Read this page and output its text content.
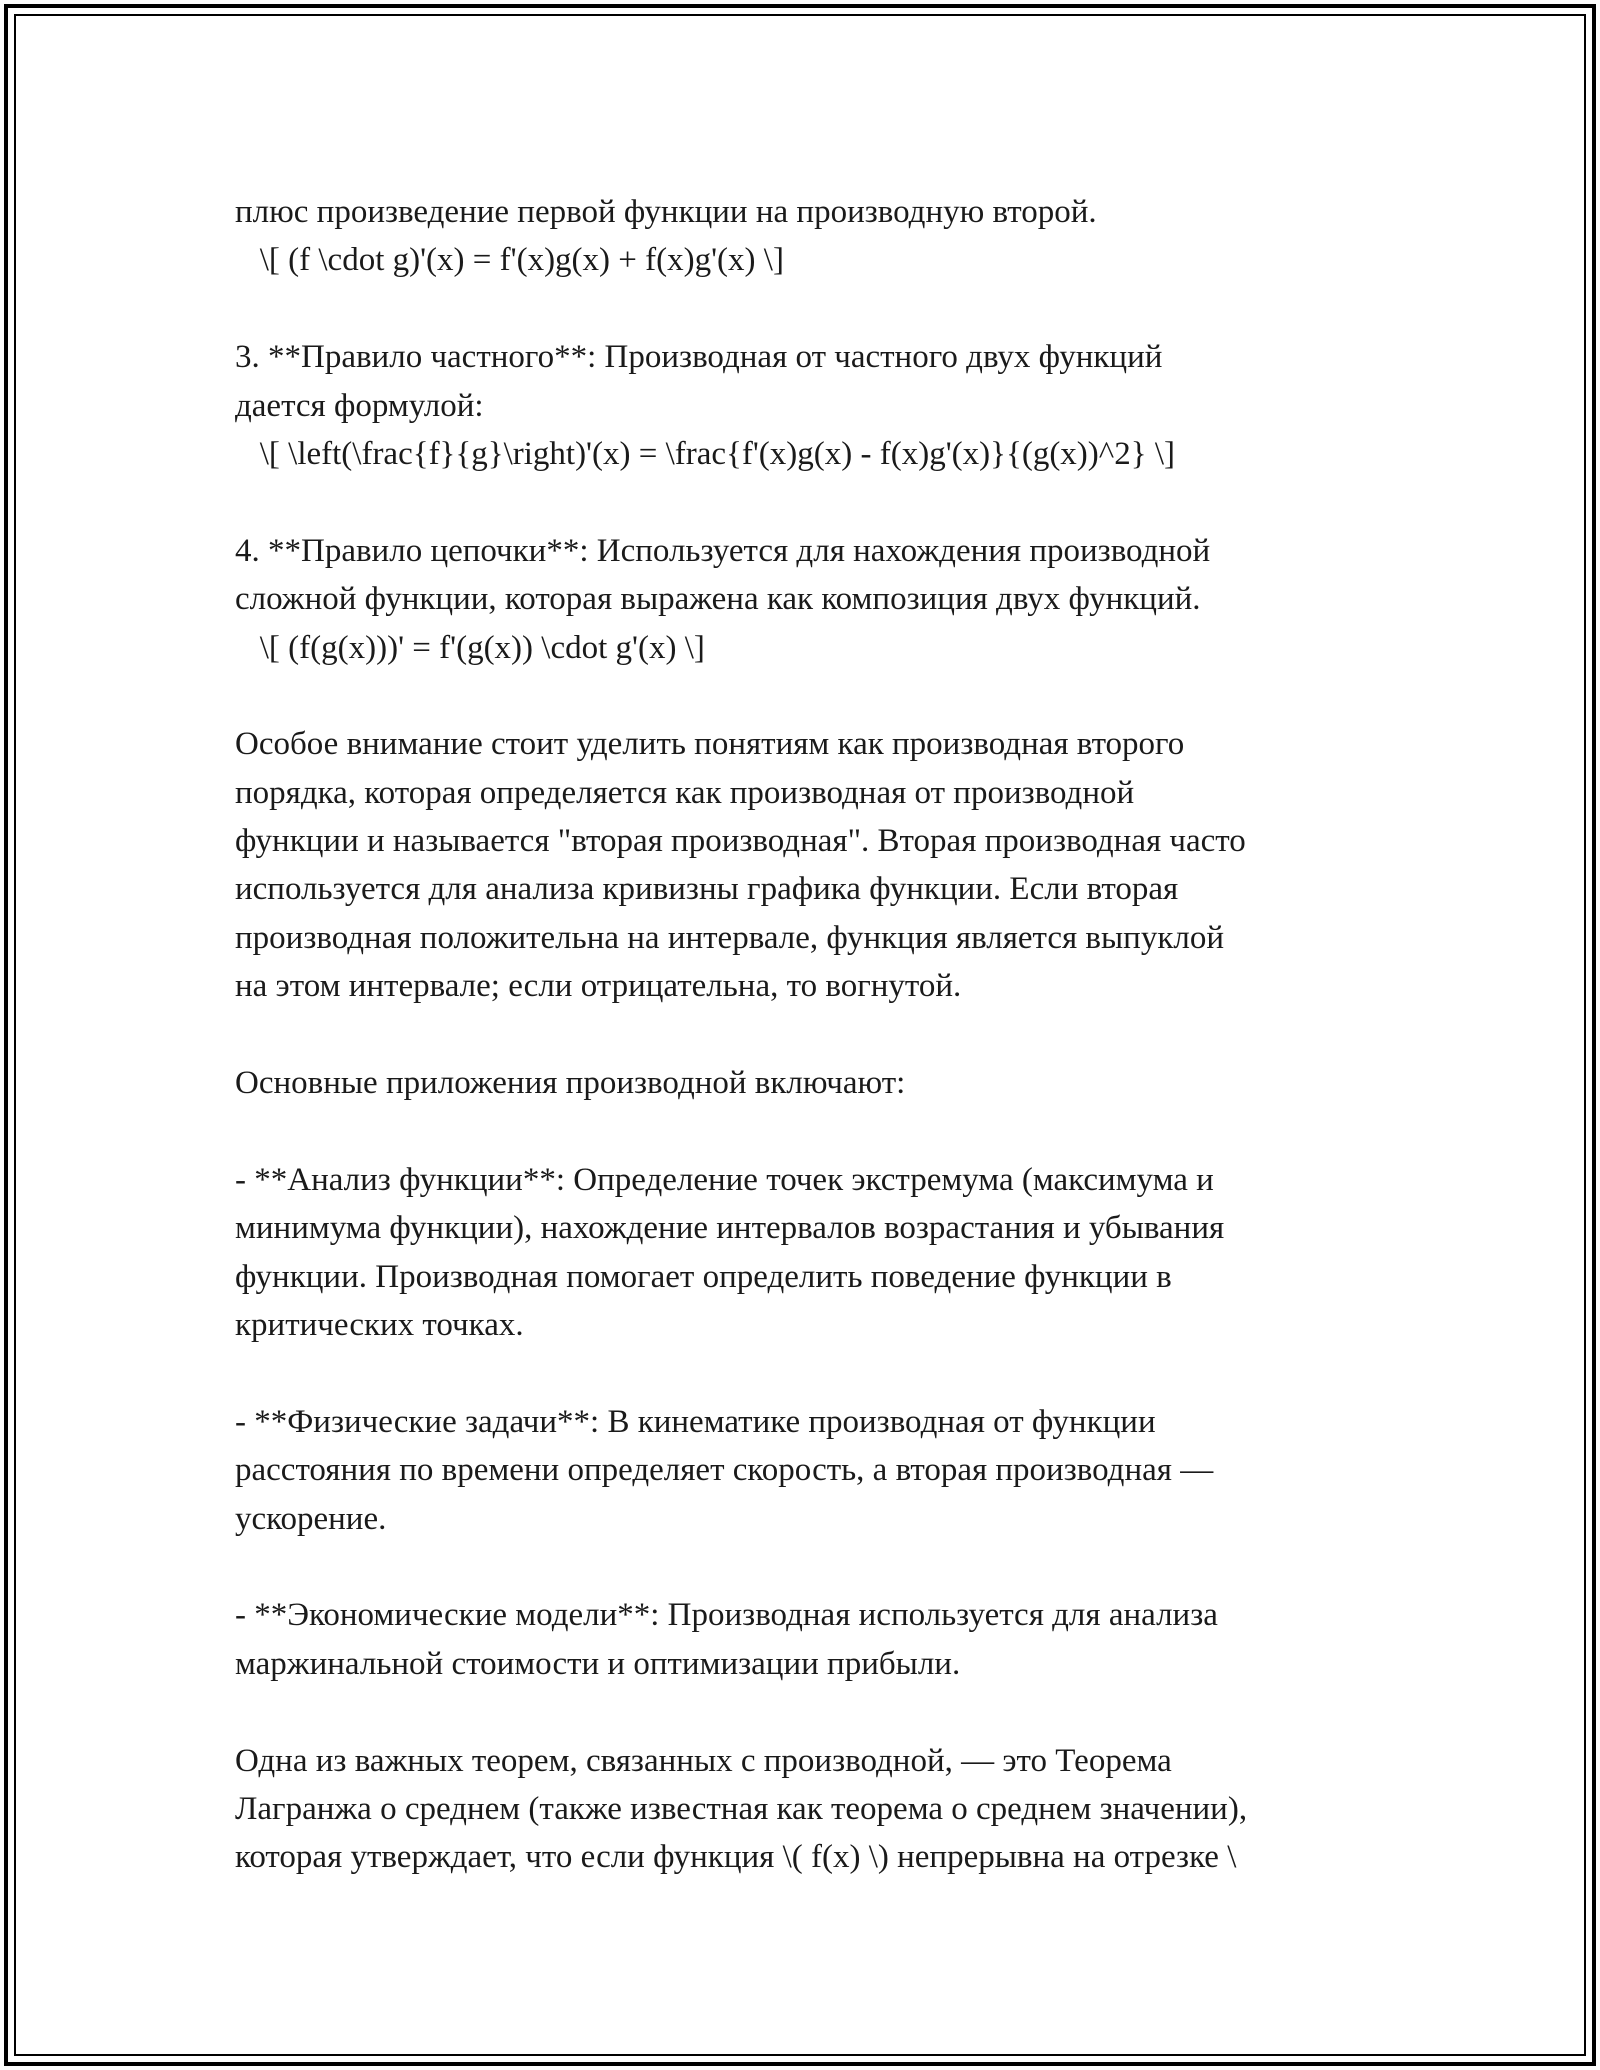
плюс произведение первой функции на производную второй.
\[ (f \cdot g)'(x) = f'(x)g(x) + f(x)g'(x) \]
3. **Правило частного**: Производная от частного двух функций
дается формулой:
\[ \left(\frac{f}{g}\right)'(x) = \frac{f'(x)g(x) - f(x)g'(x)}{(g(x))^2} \]
4. **Правило цепочки**: Используется для нахождения производной
сложной функции, которая выражена как композиция двух функций.
\[ (f(g(x)))' = f'(g(x)) \cdot g'(x) \]
Особое внимание стоит уделить понятиям как производная второго
порядка, которая определяется как производная от производной
функции и называется "вторая производная". Вторая производная часто
используется для анализа кривизны графика функции. Если вторая
производная положительна на интервале, функция является выпуклой
на этом интервале; если отрицательна, то вогнутой.
Основные приложения производной включают:
- **Анализ функции**: Определение точек экстремума (максимума и
минимума функции), нахождение интервалов возрастания и убывания
функции. Производная помогает определить поведение функции в
критических точках.
- **Физические задачи**: В кинематике производная от функции
расстояния по времени определяет скорость, а вторая производная —
ускорение.
- **Экономические модели**: Производная используется для анализа
маржинальной стоимости и оптимизации прибыли.
Одна из важных теорем, связанных с производной, — это Теорема
Лагранжа о среднем (также известная как теорема о среднем значении),
которая утверждает, что если функция \( f(x) \) непрерывна на отрезке \
